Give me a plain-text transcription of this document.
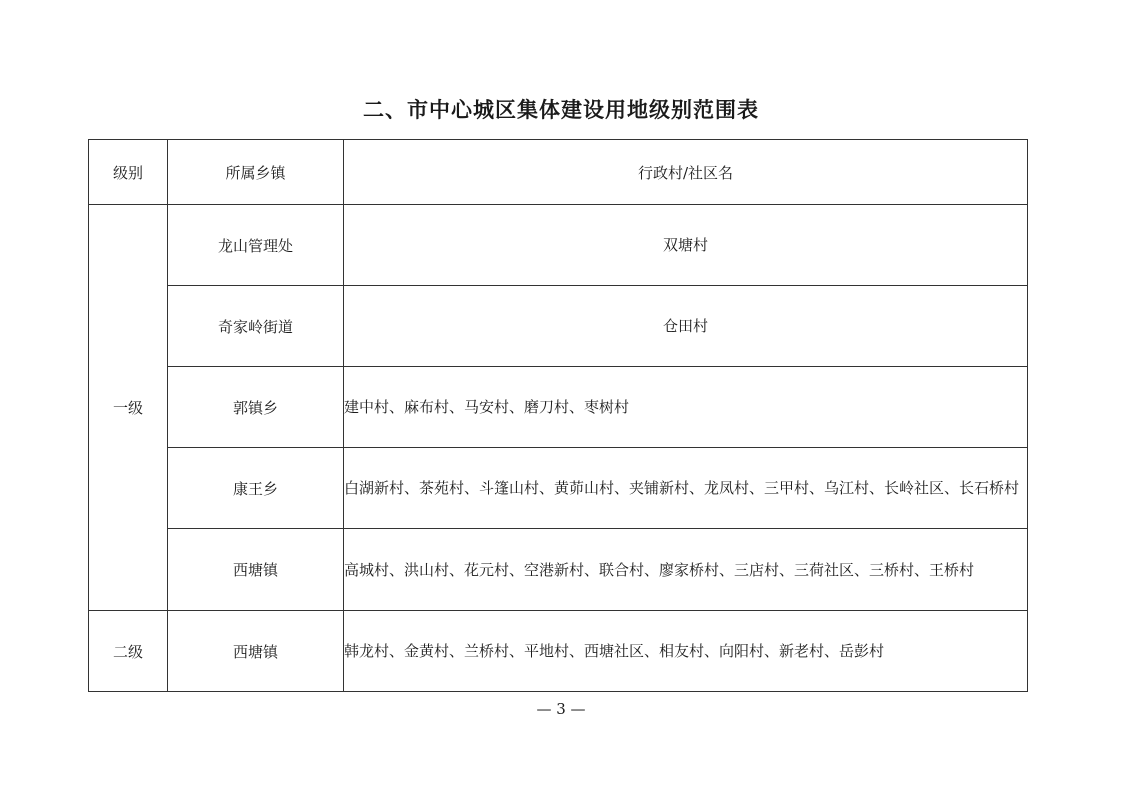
二、市中心城区集体建设用地级别范围表
级别	所属乡镇	行政村/社区名
一级	龙山管理处	双塘村
	奇家岭街道	仓田村
	郭镇乡	建中村、麻布村、马安村、磨刀村、枣树村
	康王乡	白湖新村、茶苑村、斗篷山村、黄茆山村、夹铺新村、龙凤村、三甲村、乌江村、长岭社区、长石桥村
	西塘镇	高城村、洪山村、花元村、空港新村、联合村、廖家桥村、三店村、三荷社区、三桥村、王桥村
二级	西塘镇	韩龙村、金黄村、兰桥村、平地村、西塘社区、相友村、向阳村、新老村、岳彭村
— 3 —
